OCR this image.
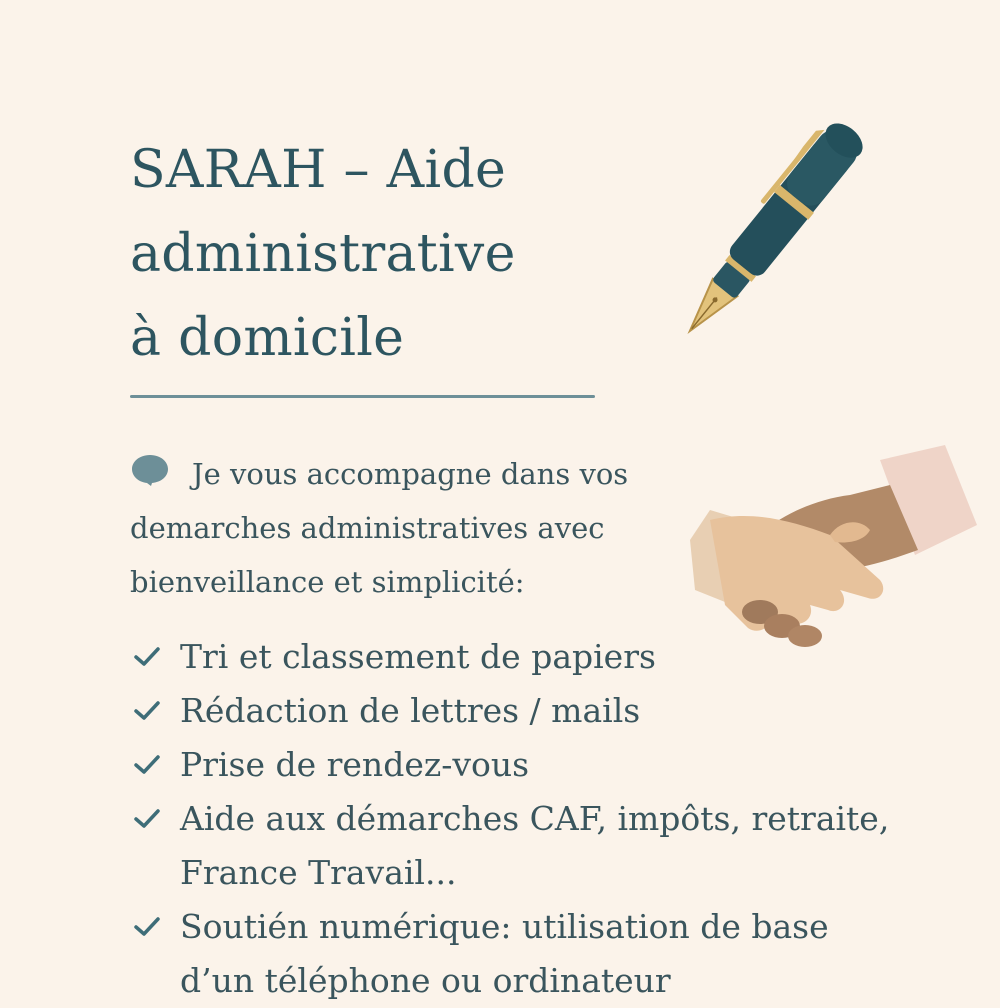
SARAH – Aide
administrative
à domicile

Je vous accompagne dans vos
demarches administratives avec
bienveillance et simplicité:

Tri et classement de papiers
Rédaction de lettres / mails
Prise de rendez-vous
Aide aux démarches CAF, impôts, retraite,
France Travail...
Soutién numérique: utilisation de base
d’un téléphone ou ordinateur
